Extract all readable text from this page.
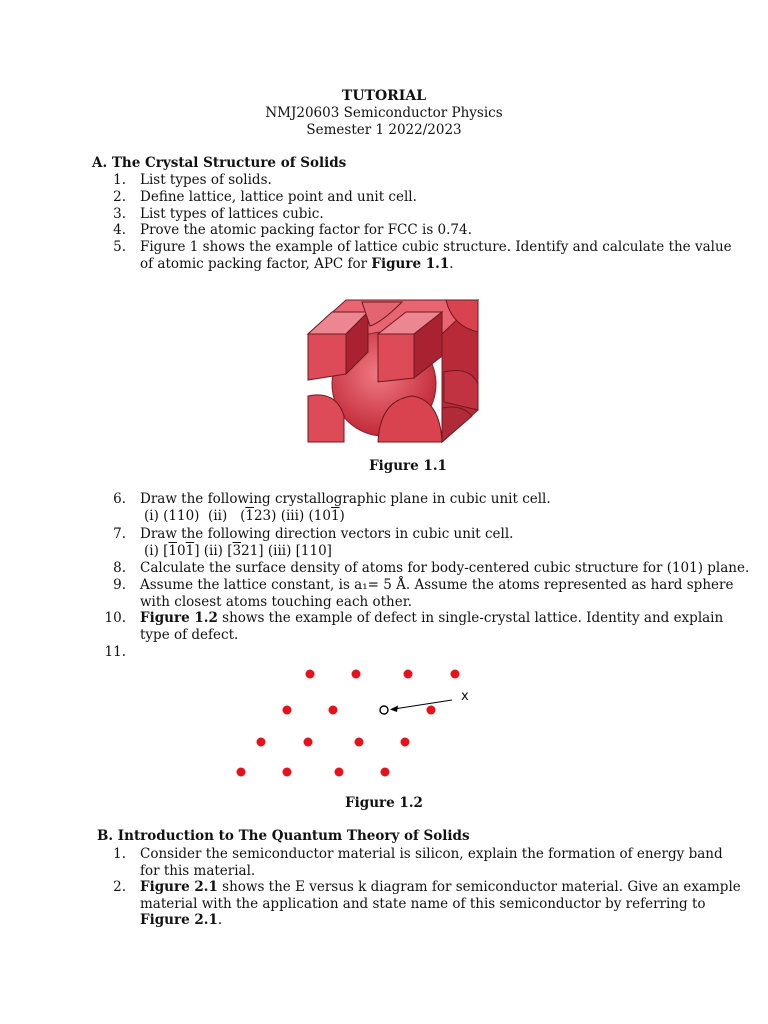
TUTORIAL
NMJ20603 Semiconductor Physics
Semester 1 2022/2023
A. The Crystal Structure of Solids
1. List types of solids.
2. Define lattice, lattice point and unit cell.
3. List types of lattices cubic.
4. Prove the atomic packing factor for FCC is 0.74.
5. Figure 1 shows the example of lattice cubic structure. Identify and calculate the value
of atomic packing factor, APC for Figure 1.1.
Figure 1.1
6. Draw the following crystallographic plane in cubic unit cell.
(i) (110) (ii) (123) (iii) (101)
7. Draw the following direction vectors in cubic unit cell.
(i) [101] (ii) [321] (iii) [110]
8. Calculate the surface density of atoms for body-centered cubic structure for (101) plane.
9. Assume the lattice constant, is a₁= 5 Å. Assume the atoms represented as hard sphere
with closest atoms touching each other.
10. Figure 1.2 shows the example of defect in single-crystal lattice. Identity and explain
type of defect.
11.
x
Figure 1.2
B. Introduction to The Quantum Theory of Solids
1. Consider the semiconductor material is silicon, explain the formation of energy band
for this material.
2. Figure 2.1 shows the E versus k diagram for semiconductor material. Give an example
material with the application and state name of this semiconductor by referring to
Figure 2.1.
